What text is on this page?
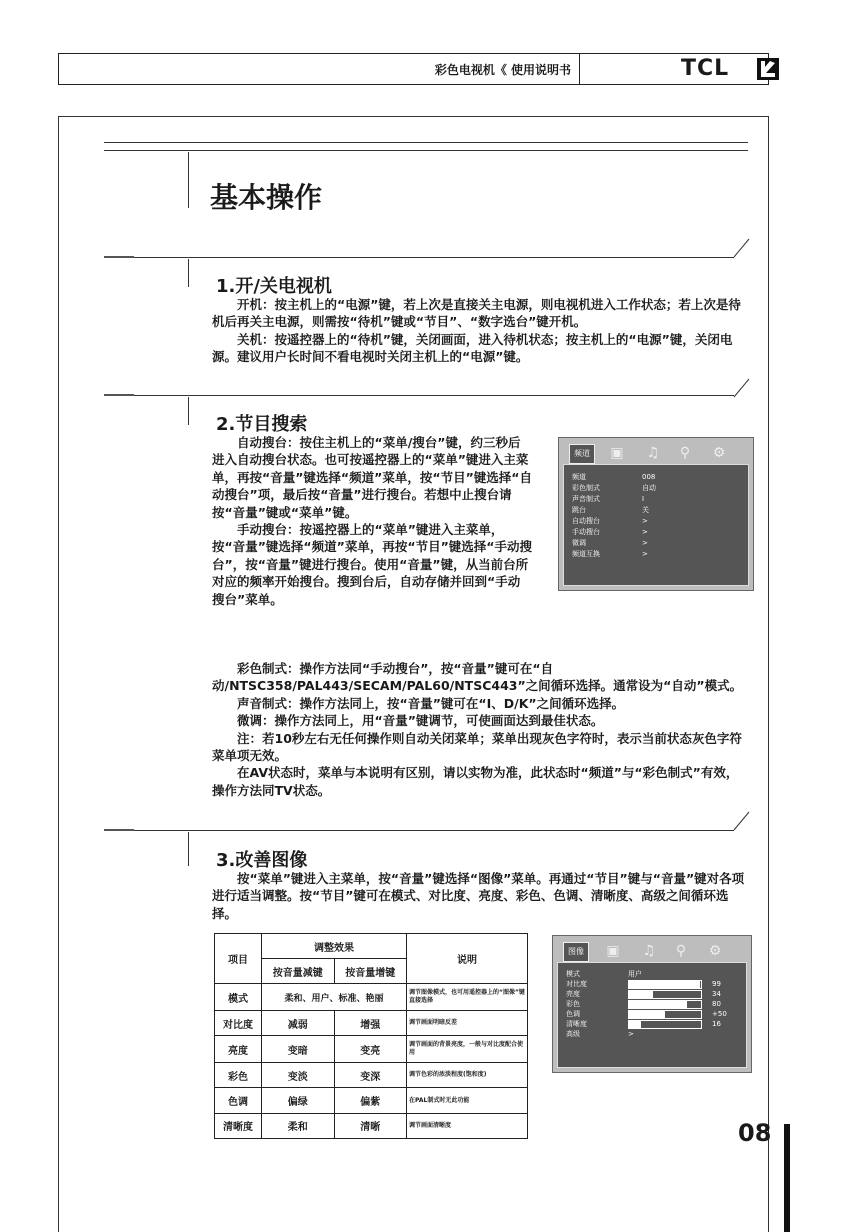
彩色电视机《 使用说明书	TCL
基本操作
1.开/关电视机

开机：按主机上的“电源”键，若上次是直接关主电源，则电视机进入工作状态；若上次是待机后再关主电源，则需按“待机”键或“节目”、“数字选台”键开机。

关机：按遥控器上的“待机”键，关闭画面，进入待机状态；按主机上的“电源”键，关闭电源。建议用户长时间不看电视时关闭主机上的“电源”键。

2.节目搜索

自动搜台：按住主机上的“菜单/搜台”键，约三秒后进入自动搜台状态。也可按遥控器上的“菜单”键进入主菜单，再按“音量”键选择“频道”菜单，按“节目”键选择“自动搜台”项，最后按“音量”进行搜台。若想中止搜台请按“音量”键或“菜单”键。

手动搜台：按遥控器上的“菜单”键进入主菜单，按“音量”键选择“频道”菜单，再按“节目”键选择“手动搜台”，按“音量”键进行搜台。使用“音量”键，从当前台所对应的频率开始搜台。搜到台后，自动存储并回到“手动搜台”菜单。

彩色制式：操作方法同“手动搜台”，按“音量”键可在“自动/NTSC358/PAL443/SECAM/PAL60/NTSC443”之间循环选择。通常设为“自动”模式。

声音制式：操作方法同上，按“音量”键可在“I、D/K”之间循环选择。

微调：操作方法同上，用“音量”键调节，可使画面达到最佳状态。

注：若10秒左右无任何操作则自动关闭菜单；菜单出现灰色字符时，表示当前状态灰色字符菜单项无效。

在AV状态时，菜单与本说明有区别，请以实物为准，此状态时“频道”与“彩色制式”有效，操作方法同TV状态。

频道	▣	♫	⚲	⚙
频道	008
彩色制式	自动
声音制式	I
跳台	关
自动搜台	>
手动搜台	>
微调	>
频道互换	>
3.改善图像

按“菜单”键进入主菜单，按“音量”键选择“图像”菜单。再通过“节目”键与“音量”键对各项进行适当调整。按“节目”键可在模式、对比度、亮度、彩色、色调、清晰度、高级之间循环选择。

项目	调整效果		说明
	按音量减键	按音量增键	
模式	柔和、用户、标准、艳丽		调节图像模式，也可用遥控器上的“图像”键直接选择
对比度	减弱	增强	调节画面明暗反差
亮度	变暗	变亮	调节画面的背景亮度，一般与对比度配合使用
彩色	变淡	变深	调节色彩的浓淡程度(饱和度)
色调	偏绿	偏紫	在PAL制式时无此功能
清晰度	柔和	清晰	调节画面清晰度
图像	▣	♫	⚲	⚙
模式	用户
对比度	99
亮度	34
彩色	80
色调	+50
清晰度	16
高级	>
08
